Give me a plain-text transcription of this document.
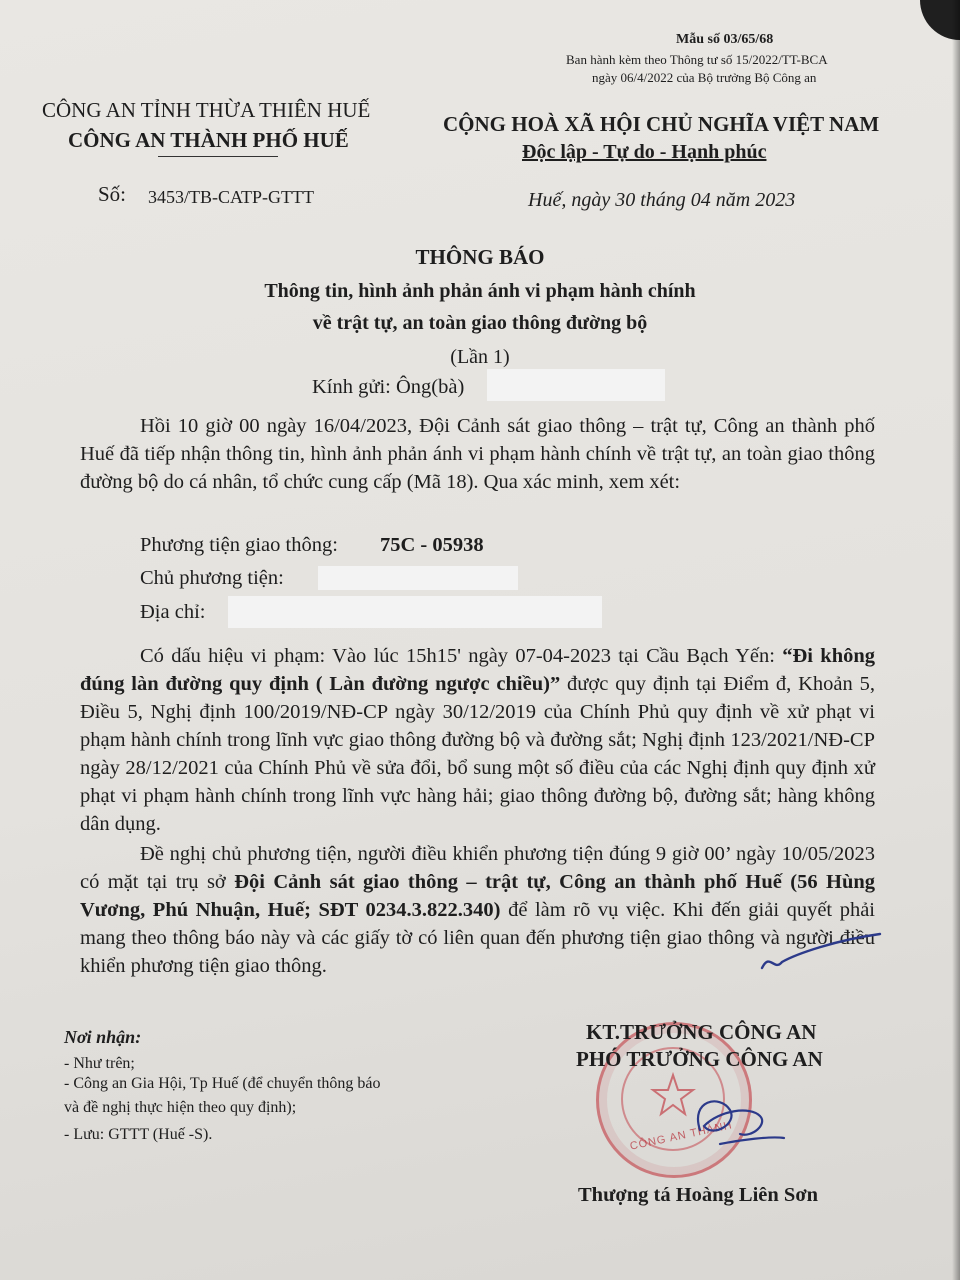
Mẫu số 03/65/68
Ban hành kèm theo Thông tư số 15/2022/TT-BCA
ngày 06/4/2022 của Bộ trưởng Bộ Công an
CÔNG AN TỈNH THỪA THIÊN HUẾ
CÔNG AN THÀNH PHỐ HUẾ
CỘNG HOÀ XÃ HỘI CHỦ NGHĨA VIỆT NAM
Độc lập - Tự do - Hạnh phúc
Số: 3453/TB-CATP-GTTT	Huế, ngày 30 tháng 04 năm 2023
THÔNG BÁO
Thông tin, hình ảnh phản ánh vi phạm hành chính
về trật tự, an toàn giao thông đường bộ
(Lần 1)
Kính gửi: Ông(bà)

Hồi 10 giờ 00 ngày 16/04/2023, Đội Cảnh sát giao thông – trật tự, Công an thành phố Huế đã tiếp nhận thông tin, hình ảnh phản ánh vi phạm hành chính về trật tự, an toàn giao thông đường bộ do cá nhân, tổ chức cung cấp (Mã 18). Qua xác minh, xem xét:

Phương tiện giao thông: 75C - 05938
Chủ phương tiện:
Địa chỉ:

Có dấu hiệu vi phạm: Vào lúc 15h15' ngày 07-04-2023 tại Cầu Bạch Yến: “Đi không đúng làn đường quy định ( Làn đường ngược chiều)” được quy định tại Điểm đ, Khoản 5, Điều 5, Nghị định 100/2019/NĐ-CP ngày 30/12/2019 của Chính Phủ quy định về xử phạt vi phạm hành chính trong lĩnh vực giao thông đường bộ và đường sắt; Nghị định 123/2021/NĐ-CP ngày 28/12/2021 của Chính Phủ về sửa đổi, bổ sung một số điều của các Nghị định quy định xử phạt vi phạm hành chính trong lĩnh vực hàng hải; giao thông đường bộ, đường sắt; hàng không dân dụng.

Đề nghị chủ phương tiện, người điều khiển phương tiện đúng 9 giờ 00’ ngày 10/05/2023 có mặt tại trụ sở Đội Cảnh sát giao thông – trật tự, Công an thành phố Huế (56 Hùng Vương, Phú Nhuận, Huế; SĐT 0234.3.822.340) để làm rõ vụ việc. Khi đến giải quyết phải mang theo thông báo này và các giấy tờ có liên quan đến phương tiện giao thông và người điều khiển phương tiện giao thông.

Nơi nhận:
- Như trên;
- Công an Gia Hội, Tp Huế (để chuyển thông báo
và đề nghị thực hiện theo quy định);
- Lưu: GTTT (Huế -S).	CÔNG AN THÀNH
KT.TRƯỞNG CÔNG AN
PHÓ TRƯỞNG CÔNG AN
Thượng tá Hoàng Liên Sơn
